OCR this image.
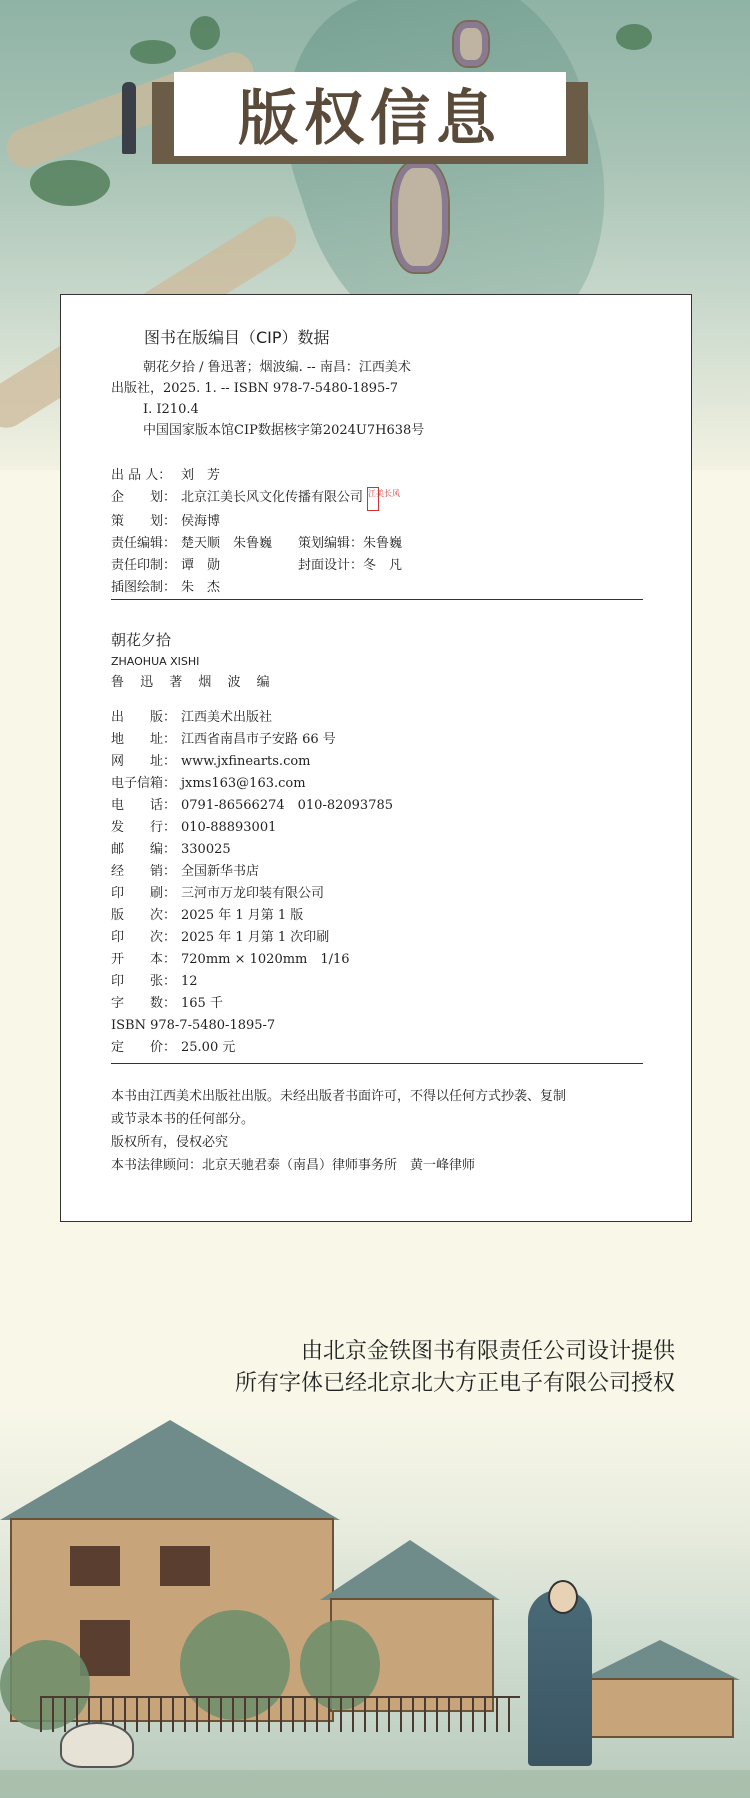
版权信息
图书在版编目（CIP）数据
朝花夕拾 / 鲁迅著；烟波编. -- 南昌：江西美术
出版社，2025. 1. -- ISBN 978-7-5480-1895-7
Ⅰ. I210.4
中国国家版本馆CIP数据核字第2024U7H638号
出 品 人： 刘　芳
企　　划： 北京江美长风文化传播有限公司 江美长风
策　　划： 侯海博
责任编辑： 楚天顺　朱鲁巍　　策划编辑：朱鲁巍
责任印制： 谭　勋　　　　　　封面设计：冬　凡
插图绘制： 朱　杰
朝花夕拾
ZHAOHUA XISHI
鲁 迅 著 烟 波 编
出　　版： 江西美术出版社
地　　址： 江西省南昌市子安路 66 号
网　　址： www.jxfinearts.com
电子信箱： jxms163@163.com
电　　话： 0791-86566274　010-82093785
发　　行： 010-88893001
邮　　编： 330025
经　　销： 全国新华书店
印　　刷： 三河市万龙印装有限公司
版　　次： 2025 年 1 月第 1 版
印　　次： 2025 年 1 月第 1 次印刷
开　　本： 720mm × 1020mm　1/16
印　　张： 12
字　　数： 165 千
ISBN 978-7-5480-1895-7
定　　价： 25.00 元
本书由江西美术出版社出版。未经出版者书面许可，不得以任何方式抄袭、复制
或节录本书的任何部分。
版权所有，侵权必究
本书法律顾问：北京天驰君泰（南昌）律师事务所　黄一峰律师
由北京金铁图书有限责任公司设计提供
所有字体已经北京北大方正电子有限公司授权
